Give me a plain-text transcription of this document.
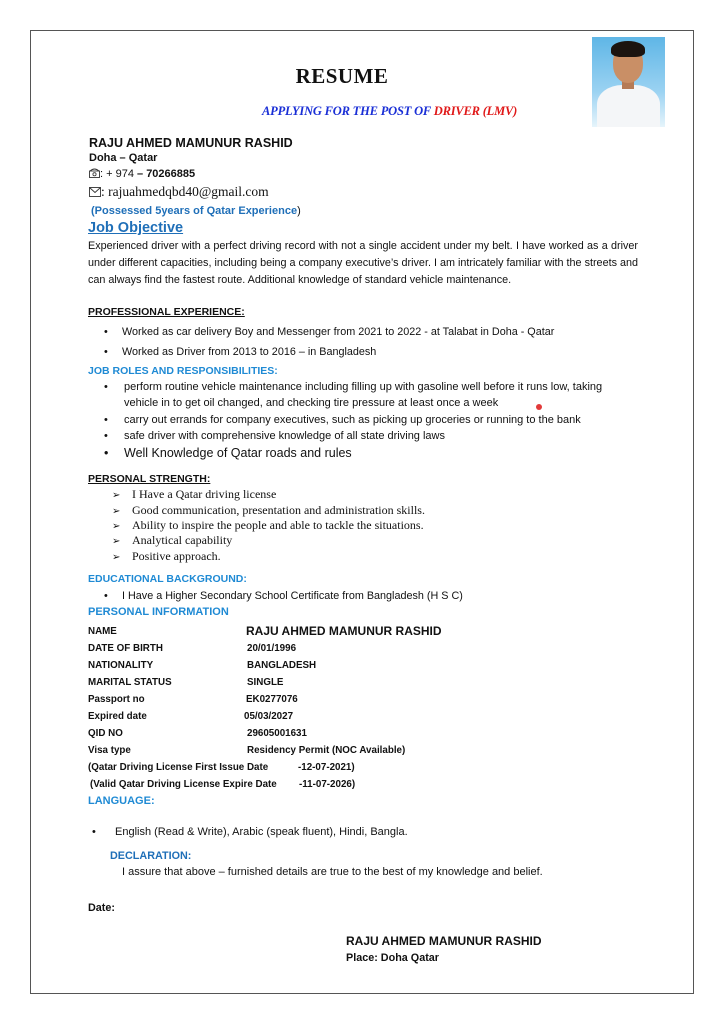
RESUME
APPLYING FOR THE POST OF DRIVER (LMV)
RAJU AHMED MAMUNUR RASHID
Doha – Qatar
: + 974 – 70266885
: rajuahmedqbd40@gmail.com
(Possessed 5years of Qatar Experience)
Job Objective
Experienced driver with a perfect driving record with not a single accident under my belt. I have worked as a driver under different capacities, including being a company executive’s driver. I am intricately familiar with the streets and can always find the fastest route. Additional knowledge of standard vehicle maintenance.
PROFESSIONAL EXPERIENCE:
• Worked as car delivery Boy and Messenger from 2021 to 2022 - at Talabat in Doha - Qatar
• Worked as Driver from 2013 to 2016 – in Bangladesh
JOB ROLES AND RESPONSIBILITIES:
• perform routine vehicle maintenance including filling up with gasoline well before it runs low, taking vehicle in to get oil changed, and checking tire pressure at least once a week
• carry out errands for company executives, such as picking up groceries or running to the bank
• safe driver with comprehensive knowledge of all state driving laws
• Well Knowledge of Qatar roads and rules
PERSONAL STRENGTH:
➢ I Have a Qatar driving license
➢ Good communication, presentation and administration skills.
➢ Ability to inspire the people and able to tackle the situations.
➢ Analytical capability
➢ Positive approach.
EDUCATIONAL BACKGROUND:
• I Have a Higher Secondary School Certificate from Bangladesh (H S C)
PERSONAL INFORMATION
NAME	RAJU AHMED MAMUNUR RASHID
DATE OF BIRTH	20/01/1996
NATIONALITY	BANGLADESH
MARITAL STATUS	SINGLE
Passport no	EK0277076
Expired date	05/03/2027
QID NO	29605001631
Visa type	Residency Permit (NOC Available)
(Qatar Driving License First Issue Date	-12-07-2021)
(Valid Qatar Driving License Expire Date -11-07-2026)
LANGUAGE:
• English (Read & Write), Arabic (speak fluent), Hindi, Bangla.
DECLARATION:
I assure that above – furnished details are true to the best of my knowledge and belief.
Date:
RAJU AHMED MAMUNUR RASHID
Place: Doha Qatar
